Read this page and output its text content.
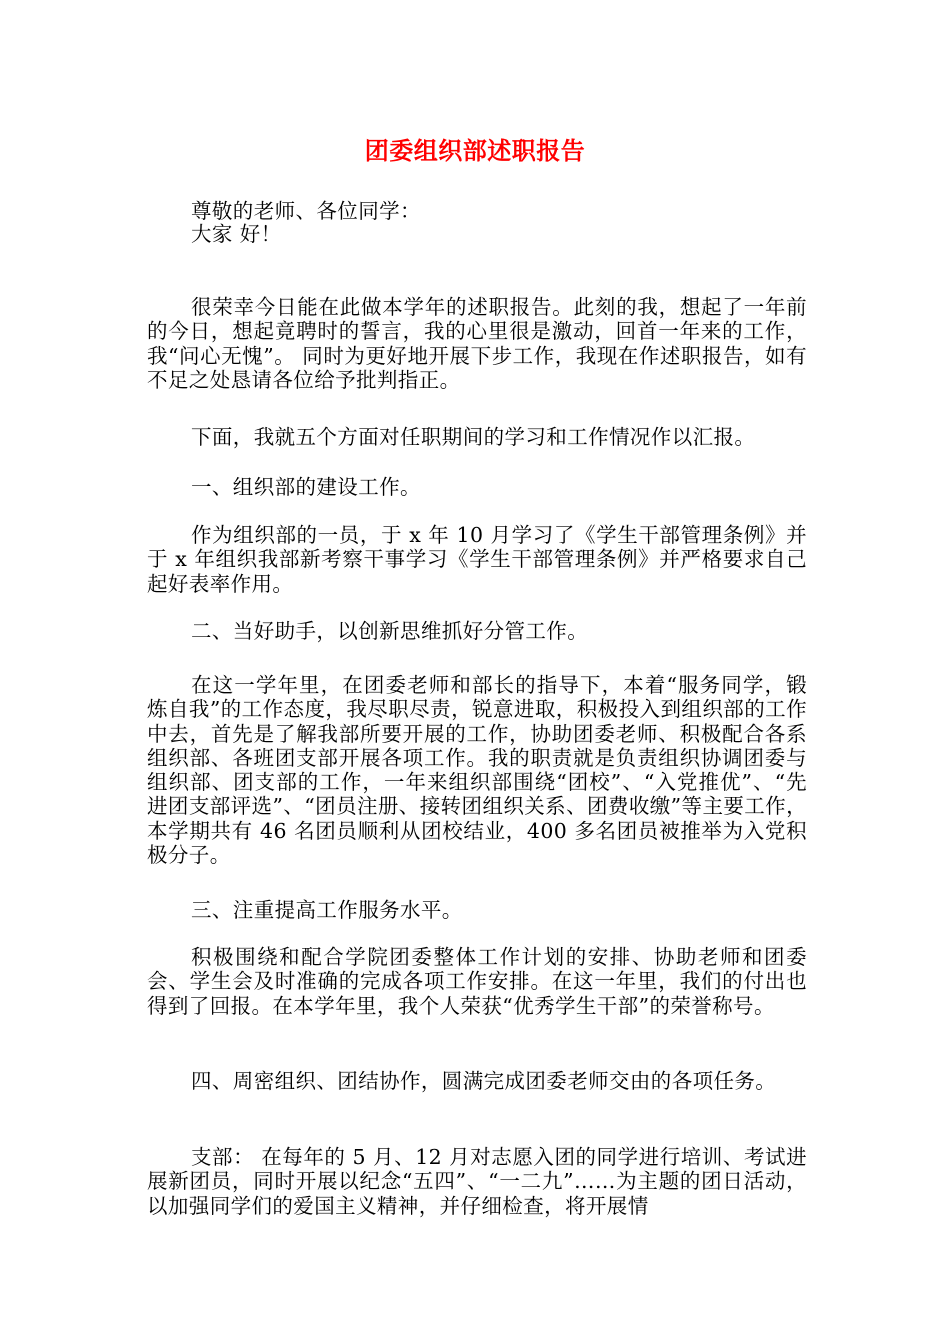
团委组织部述职报告

尊敬的老师、各位同学：

大家 好！

很荣幸今日能在此做本学年的述职报告。此刻的我，想起了一年前的今日，想起竟聘时的誓言，我的心里很是激动，回首一年来的工作，我“问心无愧”。 同时为更好地开展下步工作，我现在作述职报告，如有不足之处恳请各位给予批判指正。

下面，我就五个方面对任职期间的学习和工作情况作以汇报。

一、组织部的建设工作。

作为组织部的一员，于 x 年 10 月学习了《学生干部管理条例》并于 x 年组织我部新考察干事学习《学生干部管理条例》并严格要求自己起好表率作用。

二、当好助手，以创新思维抓好分管工作。

在这一学年里，在团委老师和部长的指导下，本着“服务同学，锻炼自我”的工作态度，我尽职尽责，锐意进取，积极投入到组织部的工作中去，首先是了解我部所要开展的工作，协助团委老师、积极配合各系组织部、各班团支部开展各项工作。我的职责就是负责组织协调团委与组织部、团支部的工作，一年来组织部围绕“团校”、“入党推优”、“先进团支部评选”、“团员注册、接转团组织关系、团费收缴”等主要工作，本学期共有 46 名团员顺利从团校结业，400 多名团员被推举为入党积极分子。

三、注重提高工作服务水平。

积极围绕和配合学院团委整体工作计划的安排、协助老师和团委会、学生会及时准确的完成各项工作安排。在这一年里，我们的付出也得到了回报。在本学年里，我个人荣获“优秀学生干部”的荣誉称号。

四、周密组织、团结协作，圆满完成团委老师交由的各项任务。

支部： 在每年的 5 月、12 月对志愿入团的同学进行培训、考试进展新团员，同时开展以纪念“五四”、“一二九”……为主题的团日活动，以加强同学们的爱国主义精神，并仔细检查，将开展情
